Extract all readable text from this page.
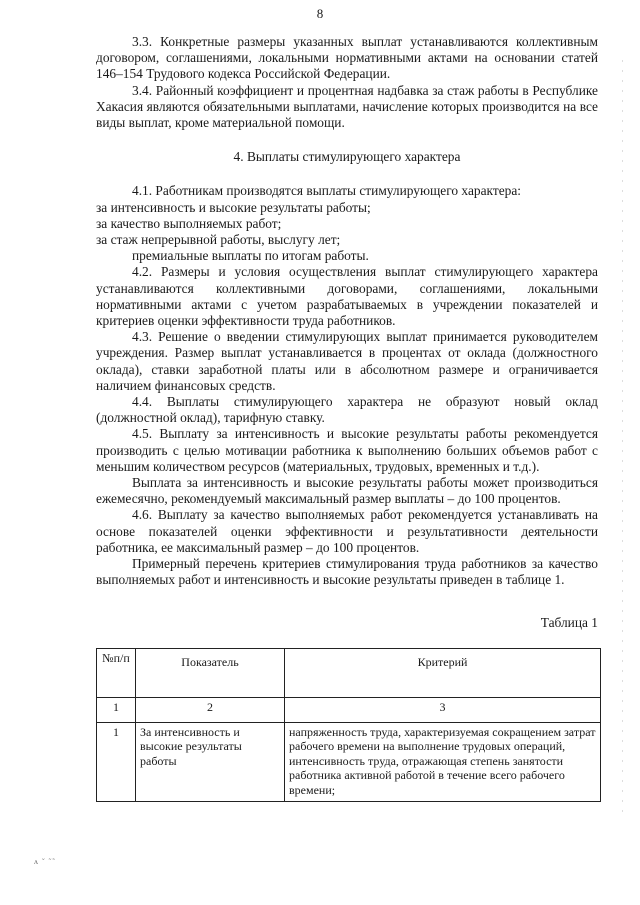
8

3.3. Конкретные размеры указанных выплат устанавливаются коллективным договором, соглашениями, локальными нормативными актами на основании статей 146–154 Трудового кодекса Российской Федерации.

3.4. Районный коэффициент и процентная надбавка за стаж работы в Республике Хакасия являются обязательными выплатами, начисление которых производится на все виды выплат, кроме материальной помощи.

4. Выплаты стимулирующего характера

4.1. Работникам производятся выплаты стимулирующего характера:

за интенсивность и высокие результаты работы;

за качество выполняемых работ;

за стаж непрерывной работы, выслугу лет;

премиальные выплаты по итогам работы.

4.2. Размеры и условия осуществления выплат стимулирующего характера устанавливаются коллективными договорами, соглашениями, локальными нормативными актами с учетом разрабатываемых в учреждении показателей и критериев оценки эффективности труда работников.

4.3. Решение о введении стимулирующих выплат принимается руководителем учреждения. Размер выплат устанавливается в процентах от оклада (должностного оклада), ставки заработной платы или в абсолютном размере и ограничивается наличием финансовых средств.

4.4. Выплаты стимулирующего характера не образуют новый оклад (должностной оклад), тарифную ставку.

4.5. Выплату за интенсивность и высокие результаты работы рекомендуется производить с целью мотивации работника к выполнению больших объемов работ с меньшим количеством ресурсов (материальных, трудовых, временных и т.д.).

Выплата за интенсивность и высокие результаты работы может производиться ежемесячно, рекомендуемый максимальный размер выплаты – до 100 процентов.

4.6. Выплату за качество выполняемых работ рекомендуется устанавливать на основе показателей оценки эффективности и результативности деятельности работника, ее максимальный размер – до 100 процентов.

Примерный перечень критериев стимулирования труда работников за качество выполняемых работ и интенсивность и высокие результаты приведен в таблице 1.

Таблица 1
№п/п	Показатель	Критерий
1	2	3
1	За интенсивность и высокие результаты работы	напряженность труда, характеризуемая сокращением затрат рабочего времени на выполнение трудовых операций, интенсивность труда, отражающая степень занятости работника активной работой в течение всего рабочего времени;
ʌ ˘ ˜˜
